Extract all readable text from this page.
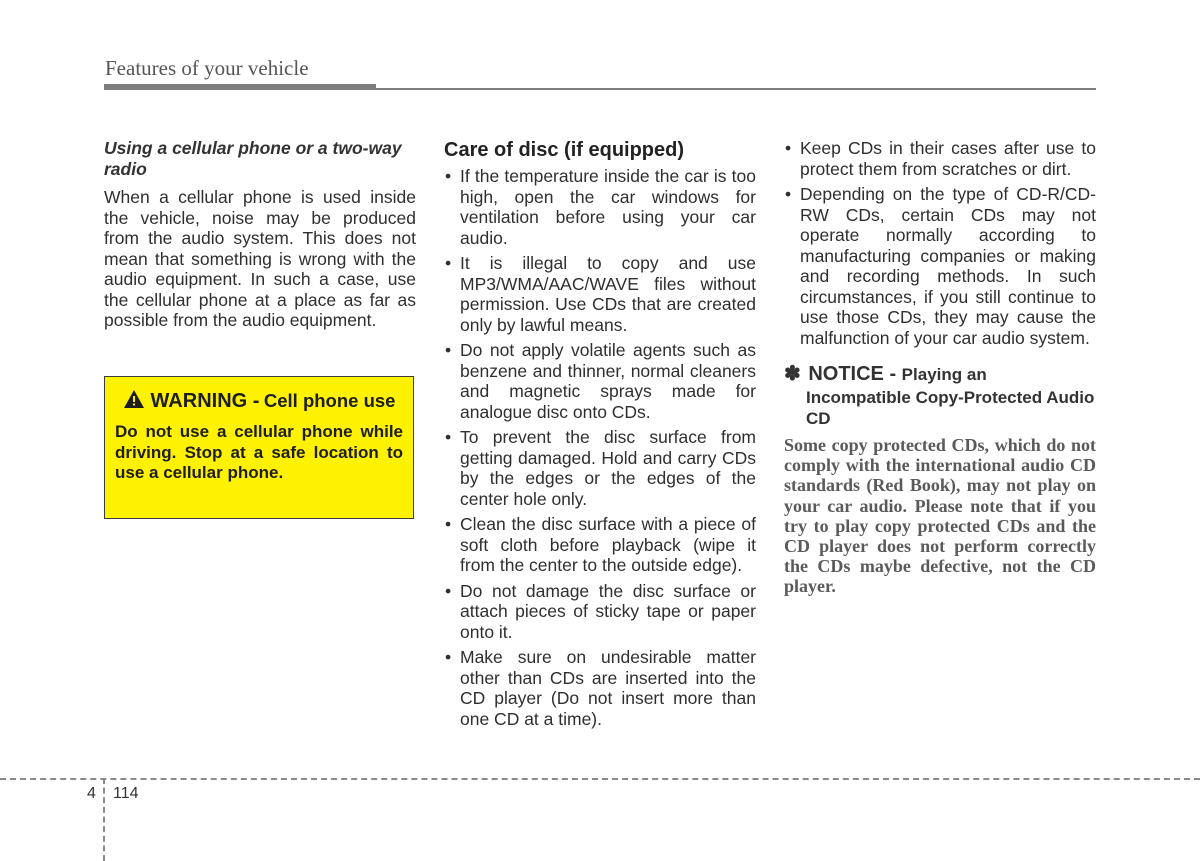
Features of your vehicle

Using a cellular phone or a two-way radio

When a cellular phone is used inside the vehicle, noise may be produced from the audio system. This does not mean that something is wrong with the audio equipment. In such a case, use the cellular phone at a place as far as possible from the audio equipment.

WARNING - Cell phone use
Do not use a cellular phone while driving. Stop at a safe location to use a cellular phone.
Care of disc (if equipped)
• If the temperature inside the car is too high, open the car windows for ventilation before using your car audio.
• It is illegal to copy and use MP3/WMA/AAC/WAVE files without permission. Use CDs that are created only by lawful means.
• Do not apply volatile agents such as benzene and thinner, normal cleaners and magnetic sprays made for analogue disc onto CDs.
• To prevent the disc surface from getting damaged. Hold and carry CDs by the edges or the edges of the center hole only.
• Clean the disc surface with a piece of soft cloth before playback (wipe it from the center to the outside edge).
• Do not damage the disc surface or attach pieces of sticky tape or paper onto it.
• Make sure on undesirable matter other than CDs are inserted into the CD player (Do not insert more than one CD at a time).
• Keep CDs in their cases after use to protect them from scratches or dirt.
• Depending on the type of CD-R/CD-RW CDs, certain CDs may not operate normally according to manufacturing companies or making and recording methods. In such circumstances, if you still continue to use those CDs, they may cause the malfunction of your car audio system.
✽ NOTICE - Playing an
Incompatible Copy-Protected Audio CD
Some copy protected CDs, which do not comply with the international audio CD standards (Red Book), may not play on your car audio. Please note that if you try to play copy protected CDs and the CD player does not perform correctly the CDs maybe defective, not the CD player.
4 114
